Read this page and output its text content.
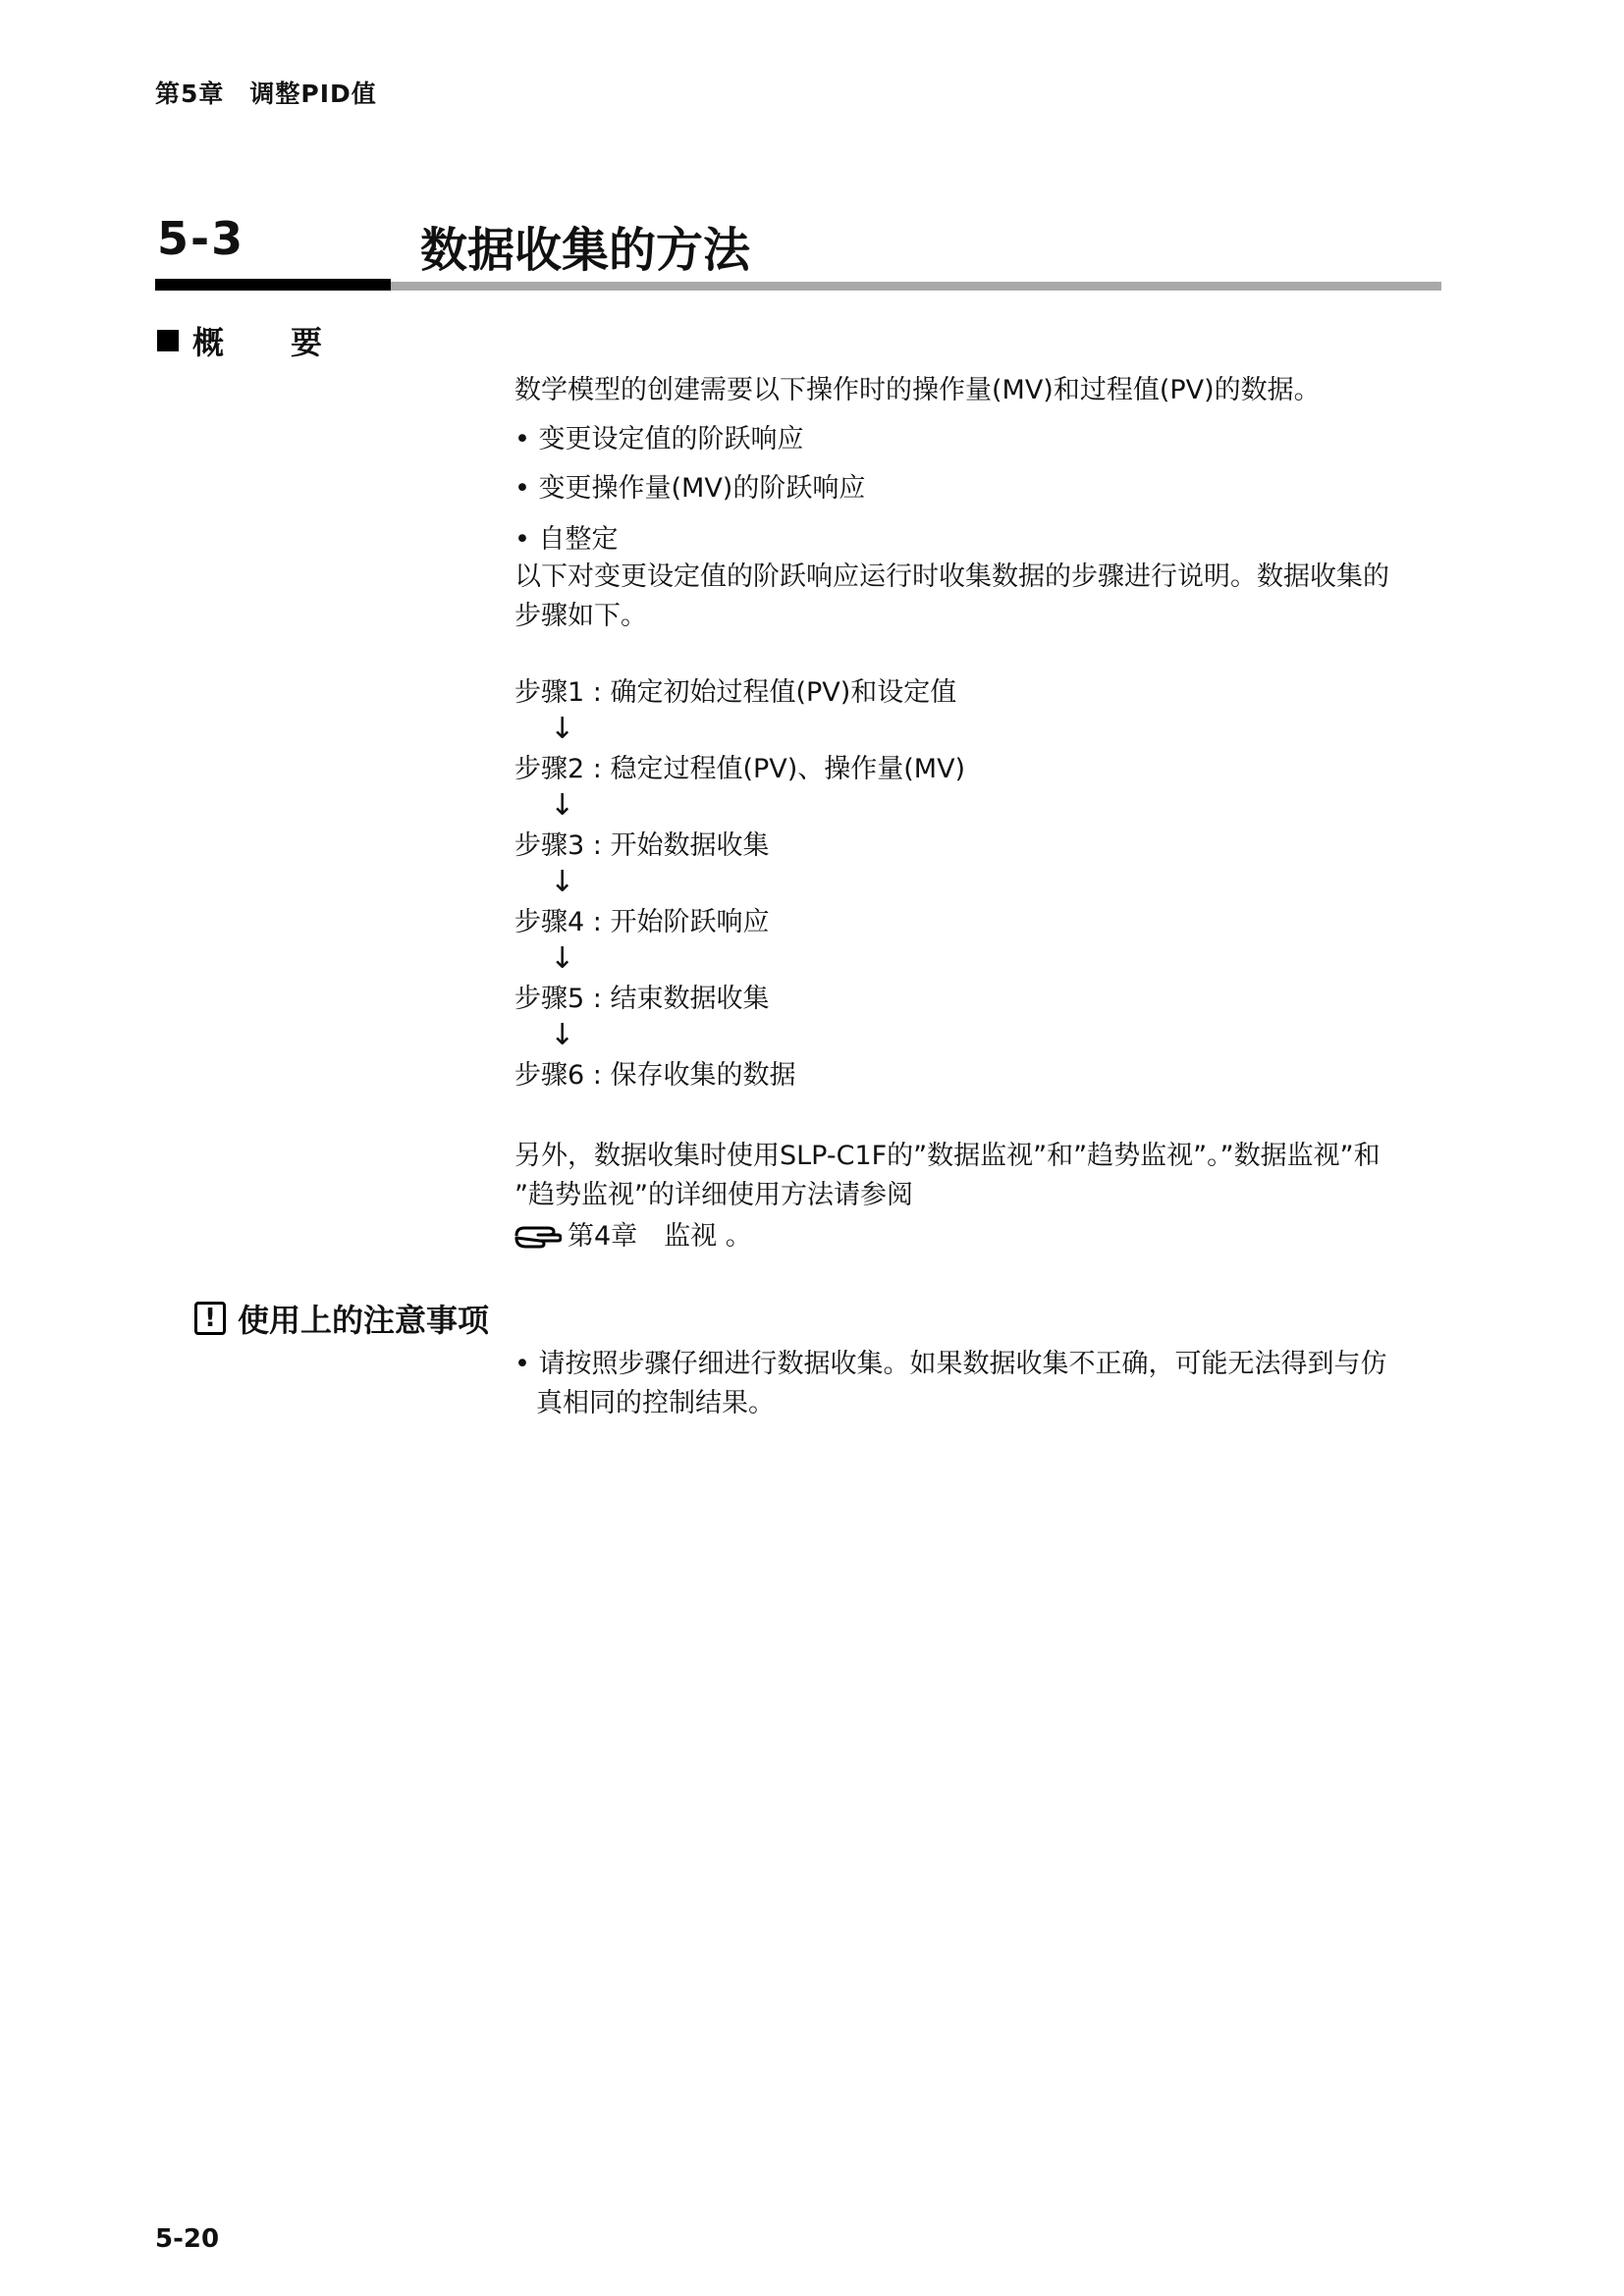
第5章　调整PID值
5-3	数据收集的方法
概　要
数学模型的创建需要以下操作时的操作量(MV)和过程值(PV)的数据。
• 变更设定值的阶跃响应
• 变更操作量(MV)的阶跃响应
• 自整定
以下对变更设定值的阶跃响应运行时收集数据的步骤进行说明。数据收集的
步骤如下。
步骤1 : 确定初始过程值(PV)和设定值
↓
步骤2 : 稳定过程值(PV)、操作量(MV)
↓
步骤3 : 开始数据收集
↓
步骤4 : 开始阶跃响应
↓
步骤5 : 结束数据收集
↓
步骤6 : 保存收集的数据
另外，数据收集时使用SLP-C1F的”数据监视”和”趋势监视”。”数据监视”和
”趋势监视”的详细使用方法请参阅
第4章　监视 。
! 使用上的注意事项
• 请按照步骤仔细进行数据收集。如果数据收集不正确，可能无法得到与仿
真相同的控制结果。
5-20
